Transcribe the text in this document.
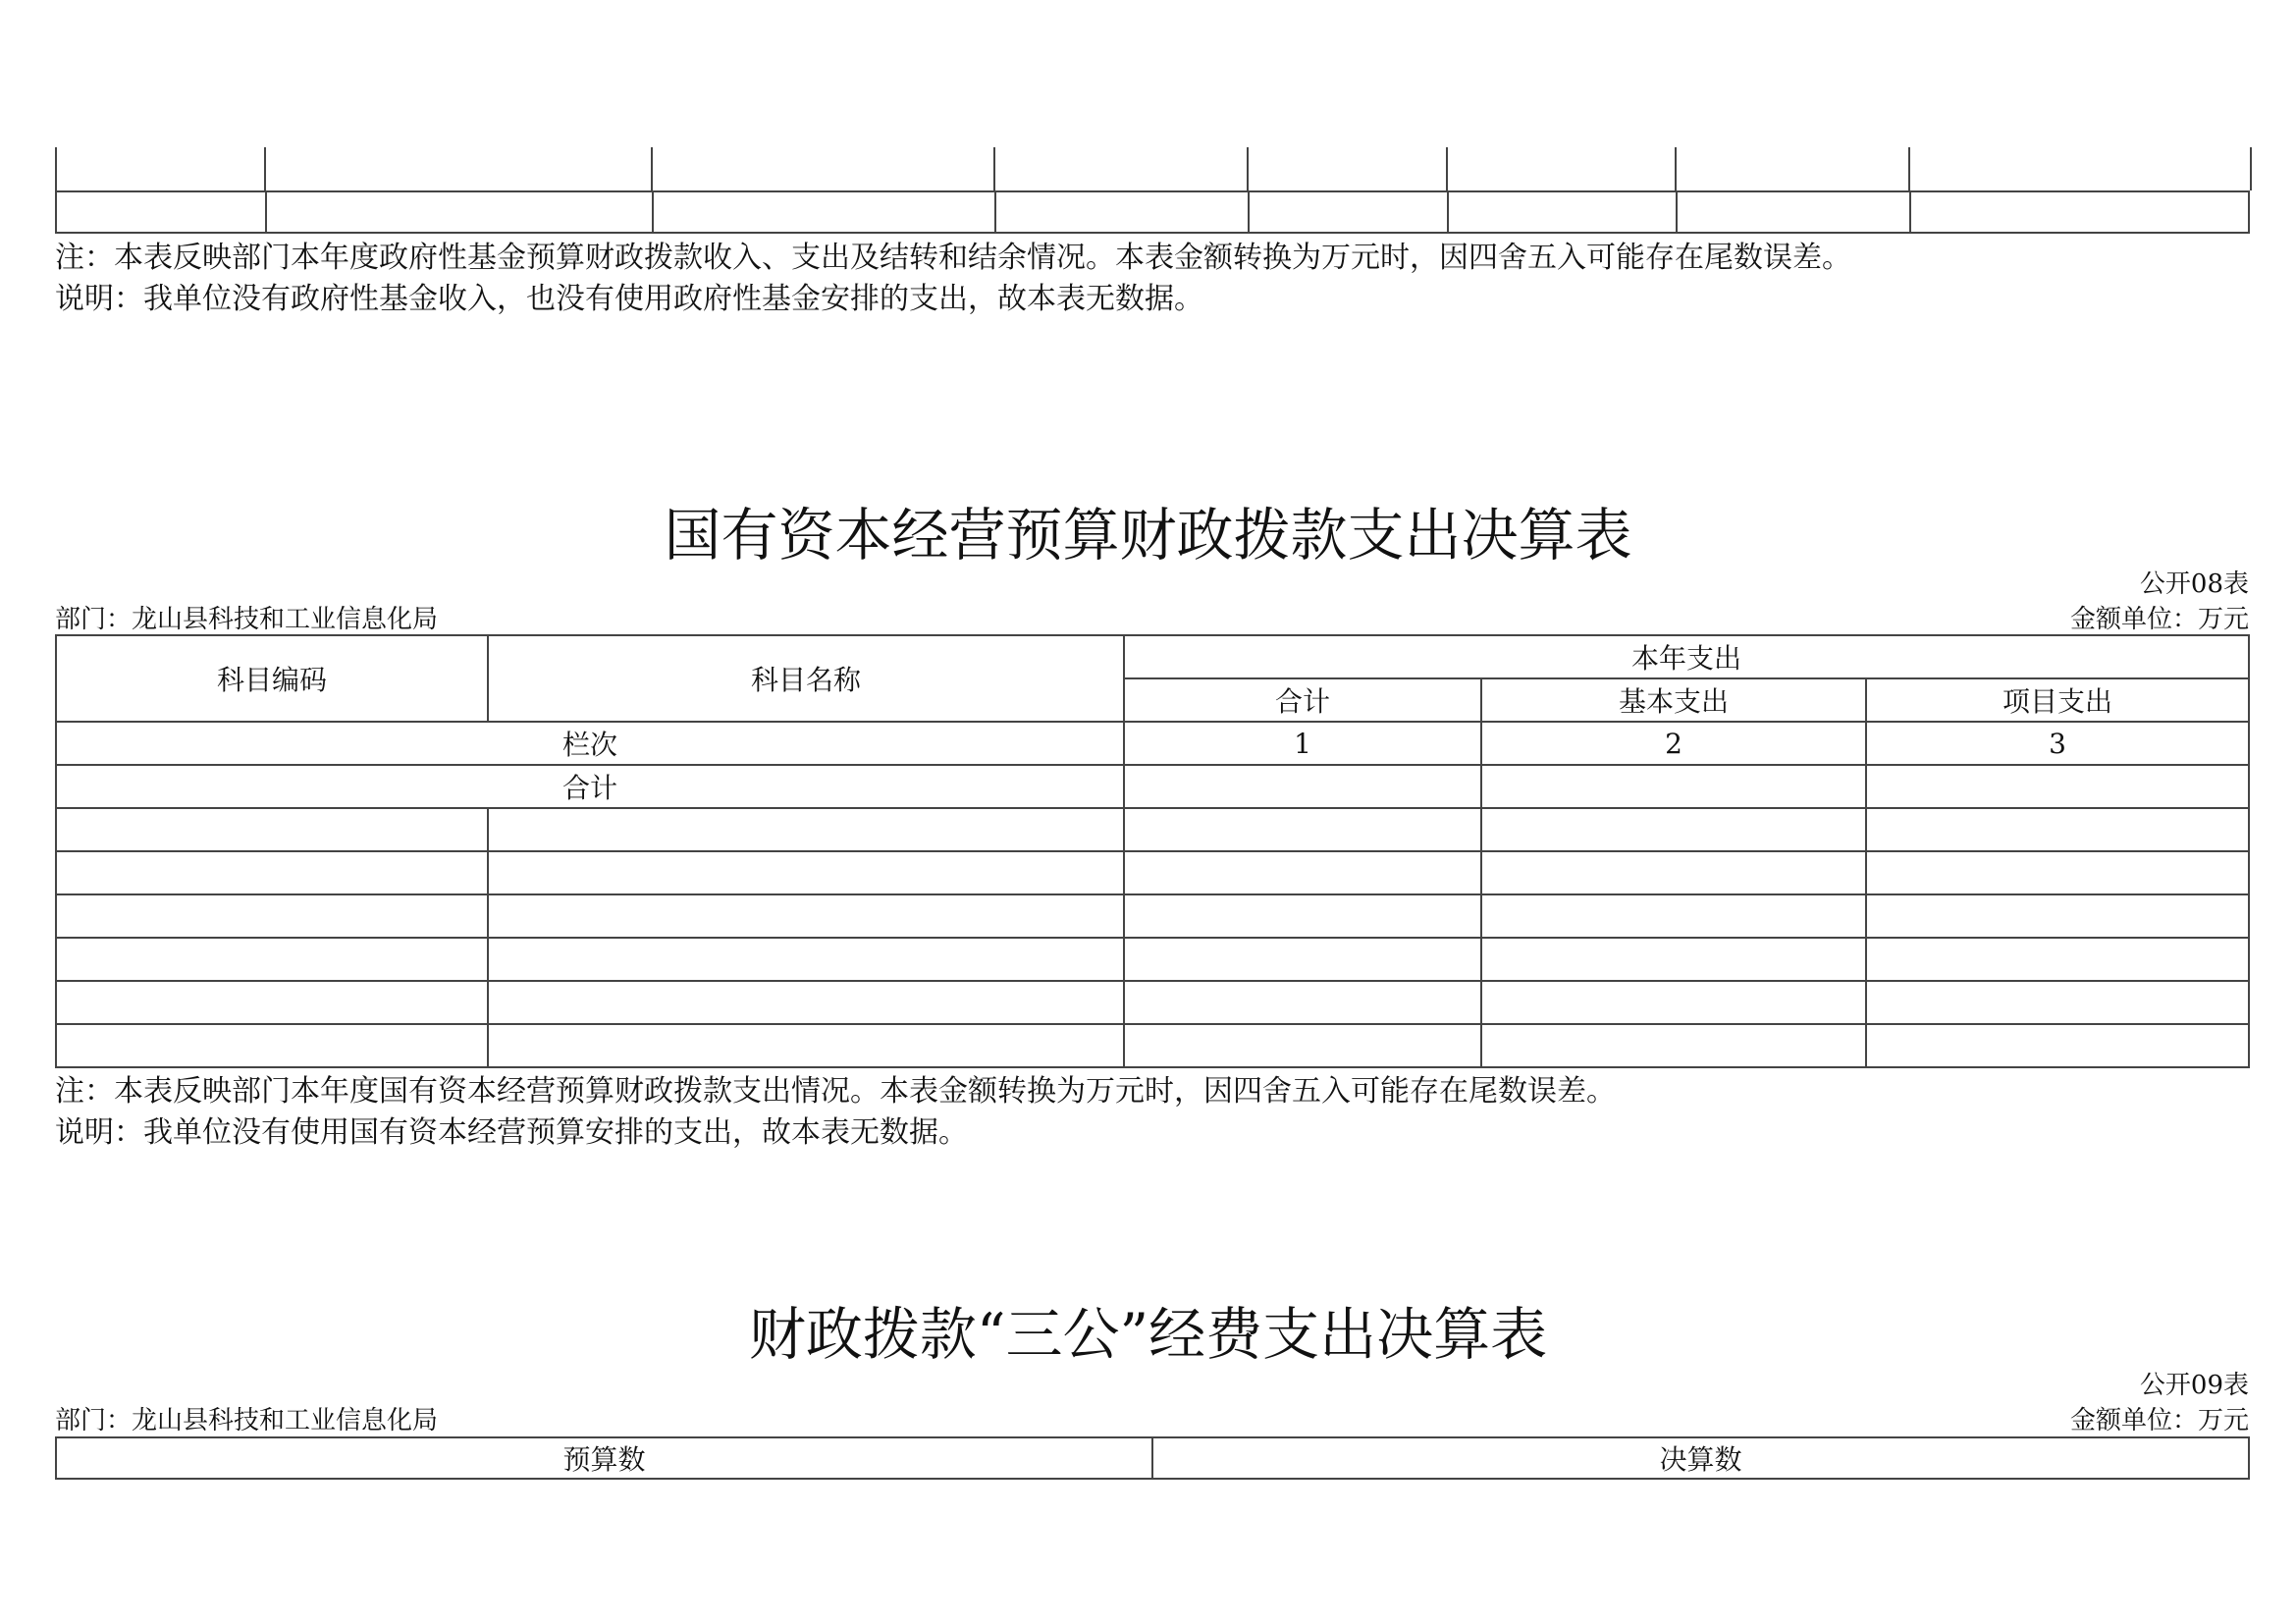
注：本表反映部门本年度政府性基金预算财政拨款收入、支出及结转和结余情况。本表金额转换为万元时，因四舍五入可能存在尾数误差。
说明：我单位没有政府性基金收入，也没有使用政府性基金安排的支出，故本表无数据。
国有资本经营预算财政拨款支出决算表
公开08表
部门：龙山县科技和工业信息化局	金额单位：万元
科目编码	科目名称	本年支出		
		合计	基本支出	项目支出
栏次		1	2	3
合计				

注：本表反映部门本年度国有资本经营预算财政拨款支出情况。本表金额转换为万元时，因四舍五入可能存在尾数误差。
说明：我单位没有使用国有资本经营预算安排的支出，故本表无数据。
财政拨款“三公”经费支出决算表
公开09表
部门：龙山县科技和工业信息化局	金额单位：万元
预算数	决算数
